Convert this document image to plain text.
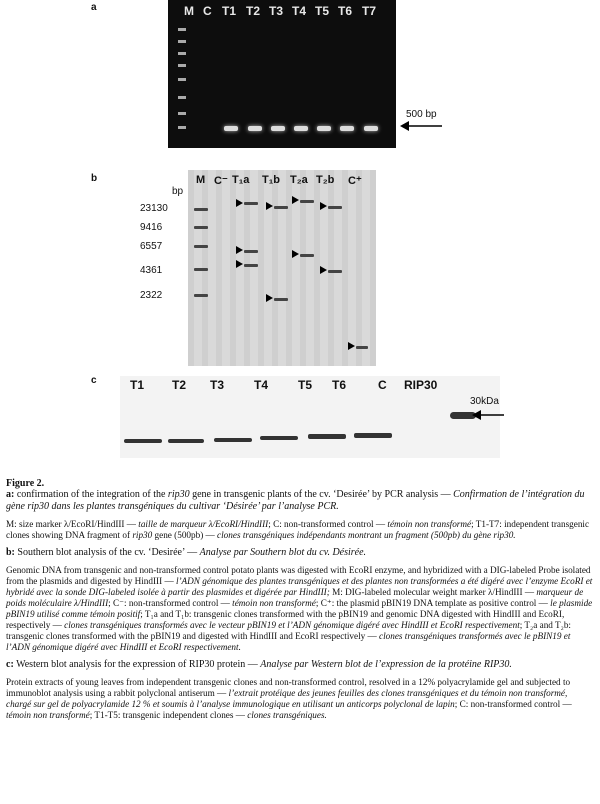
a	M C T1 T2 T3 T4 T5 T6 T7
500 bp
b
bp
23130
9416
6557
4361
2322
M C⁻ T₁a T₁b T₂a T₂b C⁺
c	T1 T2 T3 T4 T5 T6	C RIP30
30kDa

Figure 2.

a: confirmation of the integration of the rip30 gene in transgenic plants of the cv. ‘Desirée’ by PCR analysis — Confirmation de l’intégration du gène rip30 dans les plantes transgéniques du cultivar ‘Désirée’ par l’analyse PCR.

M: size marker λ/EcoRI/HindIII — taille de marqueur λ/EcoRI/HindIII; C: non-transformed control — témoin non transformé; T1-T7: independent transgenic clones showing DNA fragment of rip30 gene (500pb) — clones transgéniques indépendants montrant un fragment (500pb) du gène rip30.

b: Southern blot analysis of the cv. ‘Desirée’ — Analyse par Southern blot du cv. Désirée.

Genomic DNA from transgenic and non-transformed control potato plants was digested with EcoRI enzyme, and hybridized with a DIG-labeled Probe isolated from the plasmids and digested by HindIII — l’ADN génomique des plantes transgéniques et des plantes non transformées a été digéré avec l’enzyme EcoRI et hybridé avec la sonde DIG-labeled isolée à partir des plasmides et digérée par HindIII; M: DIG-labeled molecular weight marker λ/HindIII — marqueur de poids moléculaire λ/HindIII; C⁻: non-transformed control — témoin non transformé; C⁺: the plasmid pBIN19 DNA template as positive control — le plasmide pBIN19 utilisé comme témoin positif; T₁a and T₁b: transgenic clones transformed with the pBIN19 and genomic DNA digested with HindIII and EcoRI, respectively — clones transgéniques transformés avec le vecteur pBIN19 et l’ADN génomique digéré avec HindIII et EcoRI respectivement; T₂a and T₂b: transgenic clones transformed with the pBIN19 and digested with HindIII and EcoRI respectively — clones transgéniques transformés avec le pBIN19 et l’ADN génomique digéré avec HindIII et EcoRI respectivement.

c: Western blot analysis for the expression of RIP30 protein — Analyse par Western blot de l’expression de la protéine RIP30.

Protein extracts of young leaves from independent transgenic clones and non-transformed control, resolved in a 12% polyacrylamide gel and subjected to immunoblot analysis using a rabbit polyclonal antiserum — l’extrait protéique des jeunes feuilles des clones transgéniques et du témoin non transformé, chargé sur gel de polyacrylamide 12 % et soumis à l’analyse immunologique en utilisant un anticorps polyclonal de lapin; C: non-transformed control — témoin non transformé; T1-T5: transgenic independent clones — clones transgéniques.
